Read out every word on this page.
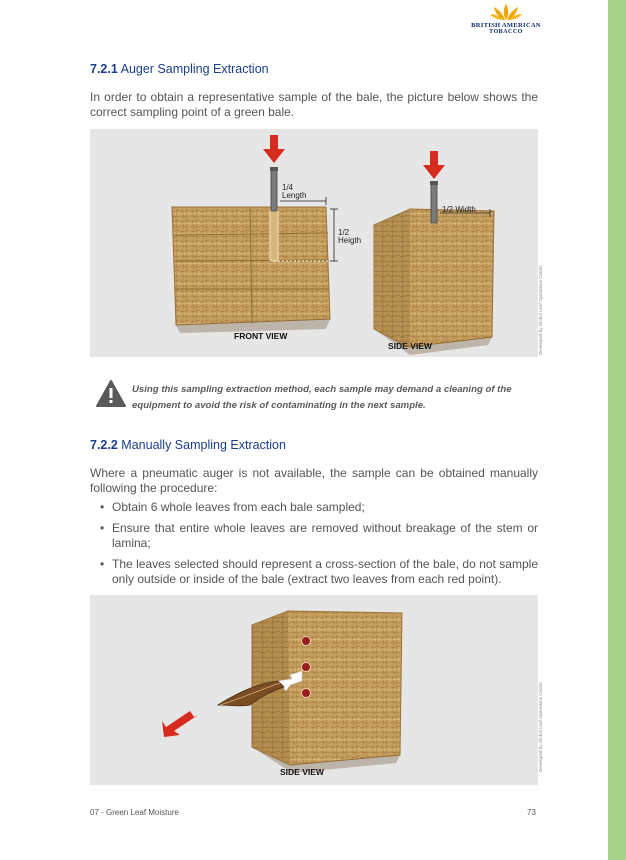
BRITISH AMERICAN
TOBACCO
7.2.1 Auger Sampling Extraction
In order to obtain a representative sample of the bale, the picture below shows the correct sampling point of a green bale.
1/4
Length
1/2
Heigth
1/2 Width
FRONT VIEW
SIDE VIEW	Developed by Global Leaf Operations Centre
Using this sampling extraction method, each sample may demand a cleaning of the equipment to avoid the risk of contaminating in the next sample.
7.2.2 Manually Sampling Extraction
Where a pneumatic auger is not available, the sample can be obtained manually following the procedure:
• Obtain 6 whole leaves from each bale sampled;
• Ensure that entire whole leaves are removed without breakage of the stem or lamina;
• The leaves selected should represent a cross-section of the bale, do not sample only outside or inside of the bale (extract two leaves from each red point).
SIDE VIEW	Developed by Global Leaf Operations Centre
07 - Green Leaf Moisture	73
